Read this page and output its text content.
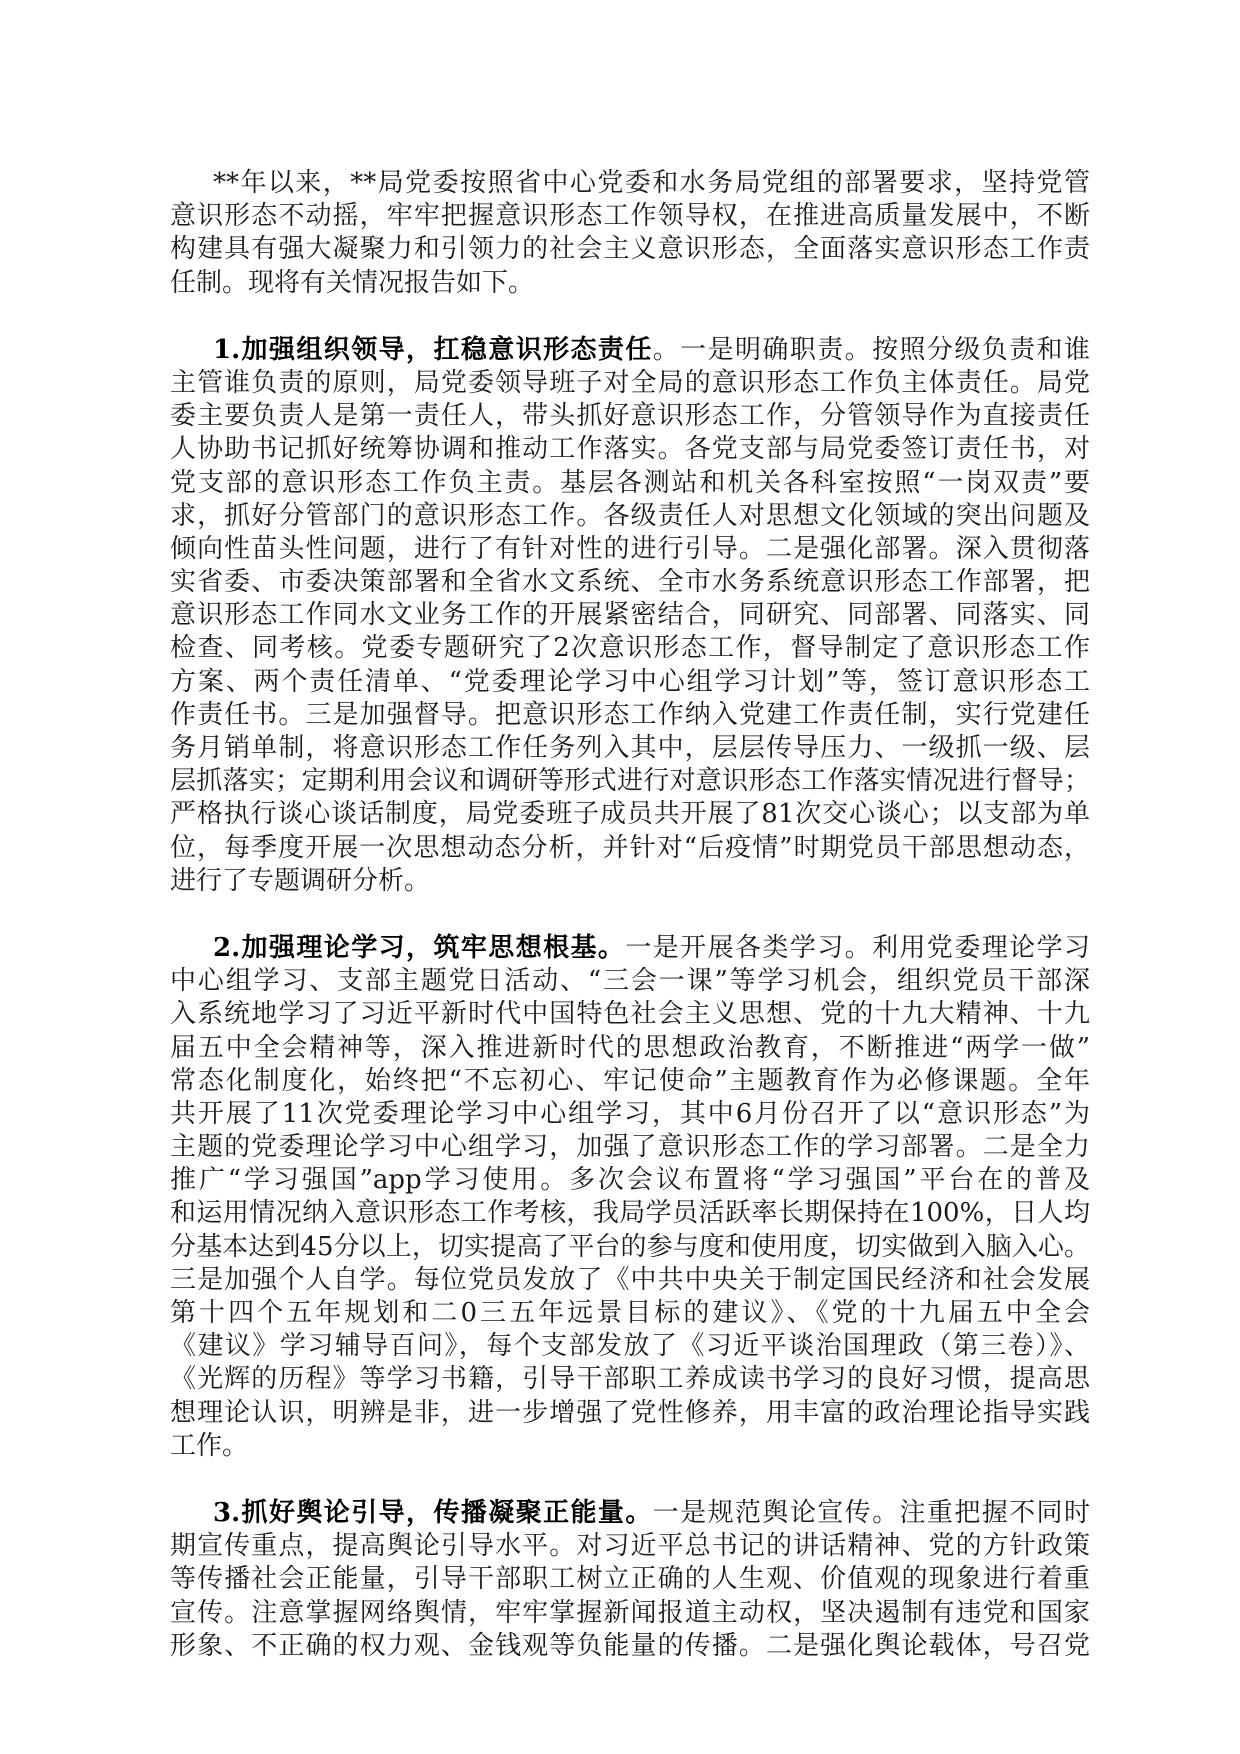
**年以来，**局党委按照省中心党委和水务局党组的部署要求，坚持党管
意识形态不动摇，牢牢把握意识形态工作领导权，在推进高质量发展中，不断
构建具有强大凝聚力和引领力的社会主义意识形态，全面落实意识形态工作责
任制。现将有关情况报告如下。
1.加强组织领导，扛稳意识形态责任。一是明确职责。按照分级负责和谁
主管谁负责的原则，局党委领导班子对全局的意识形态工作负主体责任。局党
委主要负责人是第一责任人，带头抓好意识形态工作，分管领导作为直接责任
人协助书记抓好统筹协调和推动工作落实。各党支部与局党委签订责任书，对
党支部的意识形态工作负主责。基层各测站和机关各科室按照“一岗双责”要
求，抓好分管部门的意识形态工作。各级责任人对思想文化领域的突出问题及
倾向性苗头性问题，进行了有针对性的进行引导。二是强化部署。深入贯彻落
实省委、市委决策部署和全省水文系统、全市水务系统意识形态工作部署，把
意识形态工作同水文业务工作的开展紧密结合，同研究、同部署、同落实、同
检查、同考核。党委专题研究了2次意识形态工作，督导制定了意识形态工作
方案、两个责任清单、“党委理论学习中心组学习计划”等，签订意识形态工
作责任书。三是加强督导。把意识形态工作纳入党建工作责任制，实行党建任
务月销单制，将意识形态工作任务列入其中，层层传导压力、一级抓一级、层
层抓落实；定期利用会议和调研等形式进行对意识形态工作落实情况进行督导；
严格执行谈心谈话制度，局党委班子成员共开展了81次交心谈心；以支部为单
位，每季度开展一次思想动态分析，并针对“后疫情”时期党员干部思想动态，
进行了专题调研分析。
2.加强理论学习，筑牢思想根基。一是开展各类学习。利用党委理论学习
中心组学习、支部主题党日活动、“三会一课”等学习机会，组织党员干部深
入系统地学习了习近平新时代中国特色社会主义思想、党的十九大精神、十九
届五中全会精神等，深入推进新时代的思想政治教育，不断推进“两学一做”
常态化制度化，始终把“不忘初心、牢记使命”主题教育作为必修课题。全年
共开展了11次党委理论学习中心组学习，其中6月份召开了以“意识形态”为
主题的党委理论学习中心组学习，加强了意识形态工作的学习部署。二是全力
推广“学习强国”app学习使用。多次会议布置将“学习强国”平台在的普及
和运用情况纳入意识形态工作考核，我局学员活跃率长期保持在100%，日人均
分基本达到45分以上，切实提高了平台的参与度和使用度，切实做到入脑入心。
三是加强个人自学。每位党员发放了《中共中央关于制定国民经济和社会发展
第十四个五年规划和二0三五年远景目标的建议》、《党的十九届五中全会
《建议》学习辅导百问》，每个支部发放了《习近平谈治国理政（第三卷）》、
《光辉的历程》等学习书籍，引导干部职工养成读书学习的良好习惯，提高思
想理论认识，明辨是非，进一步增强了党性修养，用丰富的政治理论指导实践
工作。
3.抓好舆论引导，传播凝聚正能量。一是规范舆论宣传。注重把握不同时
期宣传重点，提高舆论引导水平。对习近平总书记的讲话精神、党的方针政策
等传播社会正能量，引导干部职工树立正确的人生观、价值观的现象进行着重
宣传。注意掌握网络舆情，牢牢掌握新闻报道主动权，坚决遏制有违党和国家
形象、不正确的权力观、金钱观等负能量的传播。二是强化舆论载体，号召党
